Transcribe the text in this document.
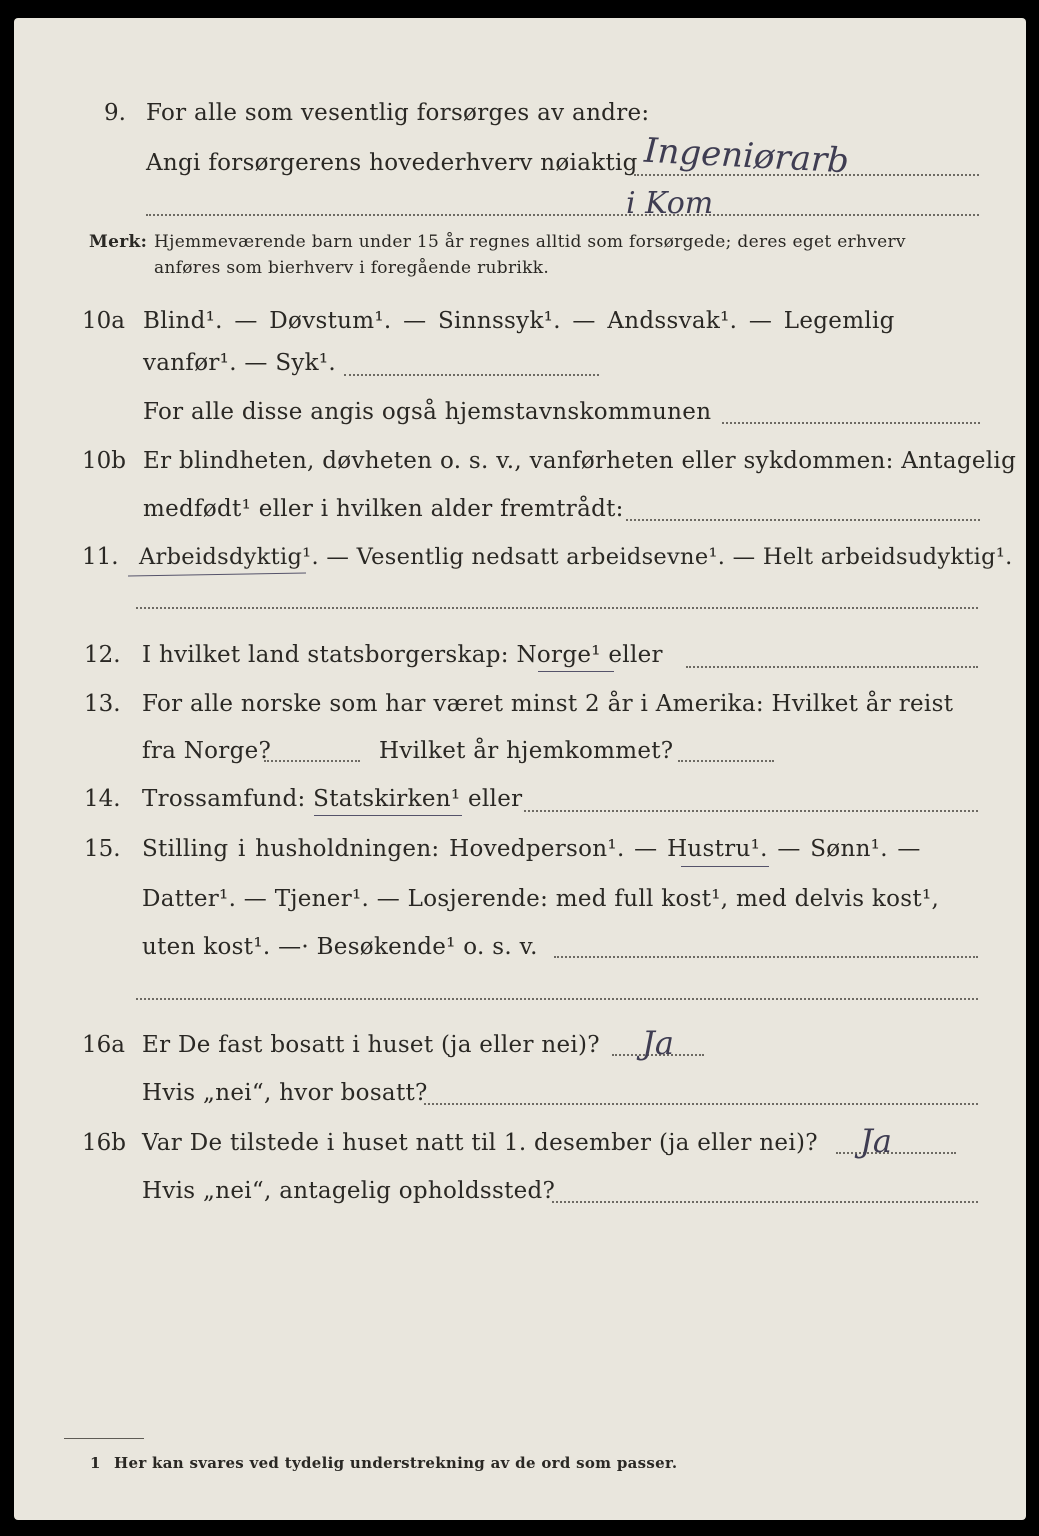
9. For alle som vesentlig forsørges av andre:
Angi forsørgerens hovederhverv nøiaktig Ingeniørarb
i Kom
Merk: Hjemmeværende barn under 15 år regnes alltid som forsørgede; deres eget erhverv
anføres som bierhverv i foregående rubrikk.
10a Blind¹. — Døvstum¹. — Sinnssyk¹. — Andssvak¹. — Legemlig
vanfør¹. — Syk¹.
For alle disse angis også hjemstavnskommunen
10b Er blindheten, døvheten o. s. v., vanførheten eller sykdommen: Antagelig
medfødt¹ eller i hvilken alder fremtrådt:
11. Arbeidsdyktig¹. — Vesentlig nedsatt arbeidsevne¹. — Helt arbeidsudyktig¹.
12. I hvilket land statsborgerskap: Norge¹ eller
13. For alle norske som har været minst 2 år i Amerika: Hvilket år reist
fra Norge?	Hvilket år hjemkommet?
14. Trossamfund: Statskirken¹ eller
15. Stilling i husholdningen: Hovedperson¹. — Hustru¹. — Sønn¹. —
Datter¹. — Tjener¹. — Losjerende: med full kost¹, med delvis kost¹,
uten kost¹. —· Besøkende¹ o. s. v.
16a Er De fast bosatt i huset (ja eller nei)? Ja
Hvis „nei“, hvor bosatt?
16b Var De tilstede i huset natt til 1. desember (ja eller nei)? Ja
Hvis „nei“, antagelig opholdssted?
1 Her kan svares ved tydelig understrekning av de ord som passer.
